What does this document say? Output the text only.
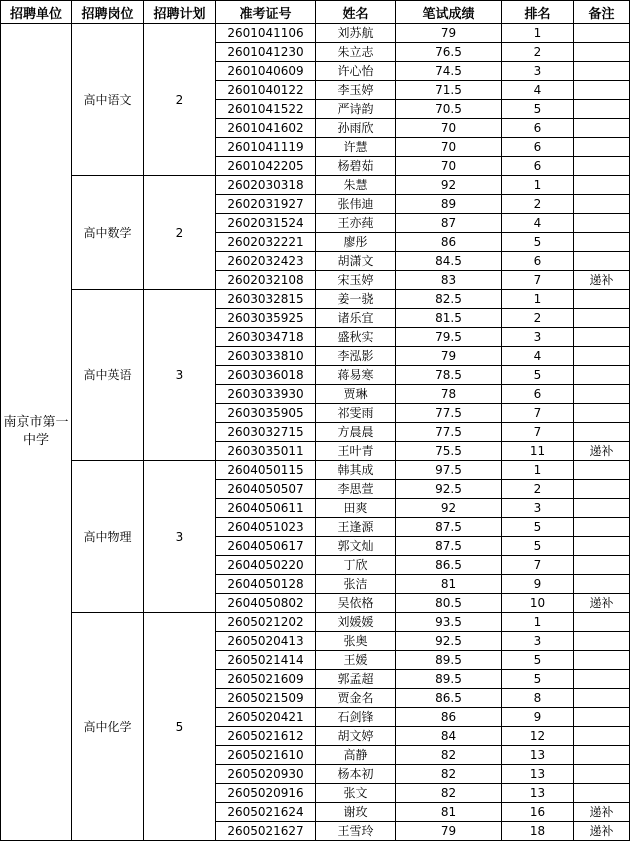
招聘单位	招聘岗位	招聘计划	准考证号	姓名	笔试成绩	排名	备注
南京市第一中学	高中语文	2	2601041106	刘苏航	79	1	
			2601041230	朱立志	76.5	2	
			2601040609	许心怡	74.5	3	
			2601040122	李玉婷	71.5	4	
			2601041522	严诗韵	70.5	5	
			2601041602	孙雨欣	70	6	
			2601041119	许慧	70	6	
			2601042205	杨碧茹	70	6	
	高中数学	2	2602030318	朱慧	92	1	
			2602031927	张伟迪	89	2	
			2602031524	王亦莼	87	4	
			2602032221	廖彤	86	5	
			2602032423	胡潇文	84.5	6	
			2602032108	宋玉婷	83	7	递补
	高中英语	3	2603032815	姜一骁	82.5	1	
			2603035925	诸乐宜	81.5	2	
			2603034718	盛秋实	79.5	3	
			2603033810	李泓影	79	4	
			2603036018	蒋易寒	78.5	5	
			2603033930	贾琳	78	6	
			2603035905	祁雯雨	77.5	7	
			2603032715	方晨晨	77.5	7	
			2603035011	王叶青	75.5	11	递补
	高中物理	3	2604050115	韩其成	97.5	1	
			2604050507	李思萱	92.5	2	
			2604050611	田爽	92	3	
			2604051023	王逢源	87.5	5	
			2604050617	郭文灿	87.5	5	
			2604050220	丁欣	86.5	7	
			2604050128	张洁	81	9	
			2604050802	吴依格	80.5	10	递补
	高中化学	5	2605021202	刘媛媛	93.5	1	
			2605020413	张奥	92.5	3	
			2605021414	王媛	89.5	5	
			2605021609	郭孟超	89.5	5	
			2605021509	贾金名	86.5	8	
			2605020421	石剑锋	86	9	
			2605021612	胡文婷	84	12	
			2605021610	高静	82	13	
			2605020930	杨本初	82	13	
			2605020916	张文	82	13	
			2605021624	谢玫	81	16	递补
			2605021627	王雪玲	79	18	递补
